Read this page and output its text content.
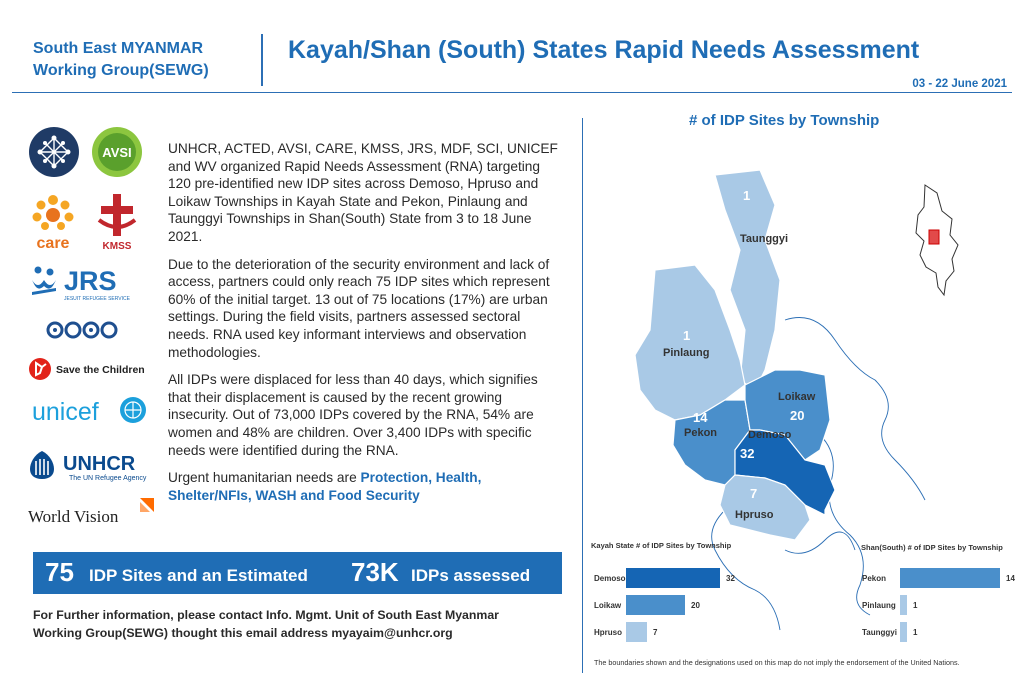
South East MYANMAR
Working Group(SEWG)
Kayah/Shan (South) States Rapid Needs Assessment
03 - 22 June 2021
AVSI
care	KMSS
JRS
JESUIT REFUGEE SERVICE
Save the Children
unicef
UNHCR
The UN Refugee Agency
World Vision

UNHCR, ACTED, AVSI, CARE, KMSS, JRS, MDF, SCI, UNICEF and WV organized Rapid Needs Assessment (RNA) targeting 120 pre-identified new IDP sites across Demoso, Hpruso and Loikaw Townships in Kayah State and Pekon, Pinlaung and Taunggyi Townships in Shan(South) State from 3 to 18 June 2021.

Due to the deterioration of the security environment and lack of access, partners could only reach 75 IDP sites which represent 60% of the initial target. 13 out of 75 locations (17%) are urban settings. During the field visits, partners assessed sectoral needs. RNA used key informant interviews and observation methodologies.

All IDPs were displaced for less than 40 days, which signifies that their displacement is caused by the recent growing insecurity. Out of 73,000 IDPs covered by the RNA, 54% are women and 48% are children. Over 3,400 IDPs with specific needs were identified during the RNA.

Urgent humanitarian needs are Protection, Health, Shelter/NFIs, WASH and Food Security

75 IDP Sites and an Estimated 73K IDPs assessed
For Further information, please contact Info. Mgmt. Unit of South East Myanmar
Working Group(SEWG) thought this email address myayaim@unhcr.org
# of IDP Sites by Township
1
Taunggyi
1
Pinlaung
Loikaw
20
14
Pekon	Demoso
32
7
Hpruso
Kayah State # of IDP Sites by Township	Shan(South) # of IDP Sites by Township
Demoso	32
Loikaw	20
Hpruso	7
Pekon	14
Pinlaung 1
Taunggyi 1
The boundaries shown and the designations used on this map do not imply the endorsement of the United Nations.
